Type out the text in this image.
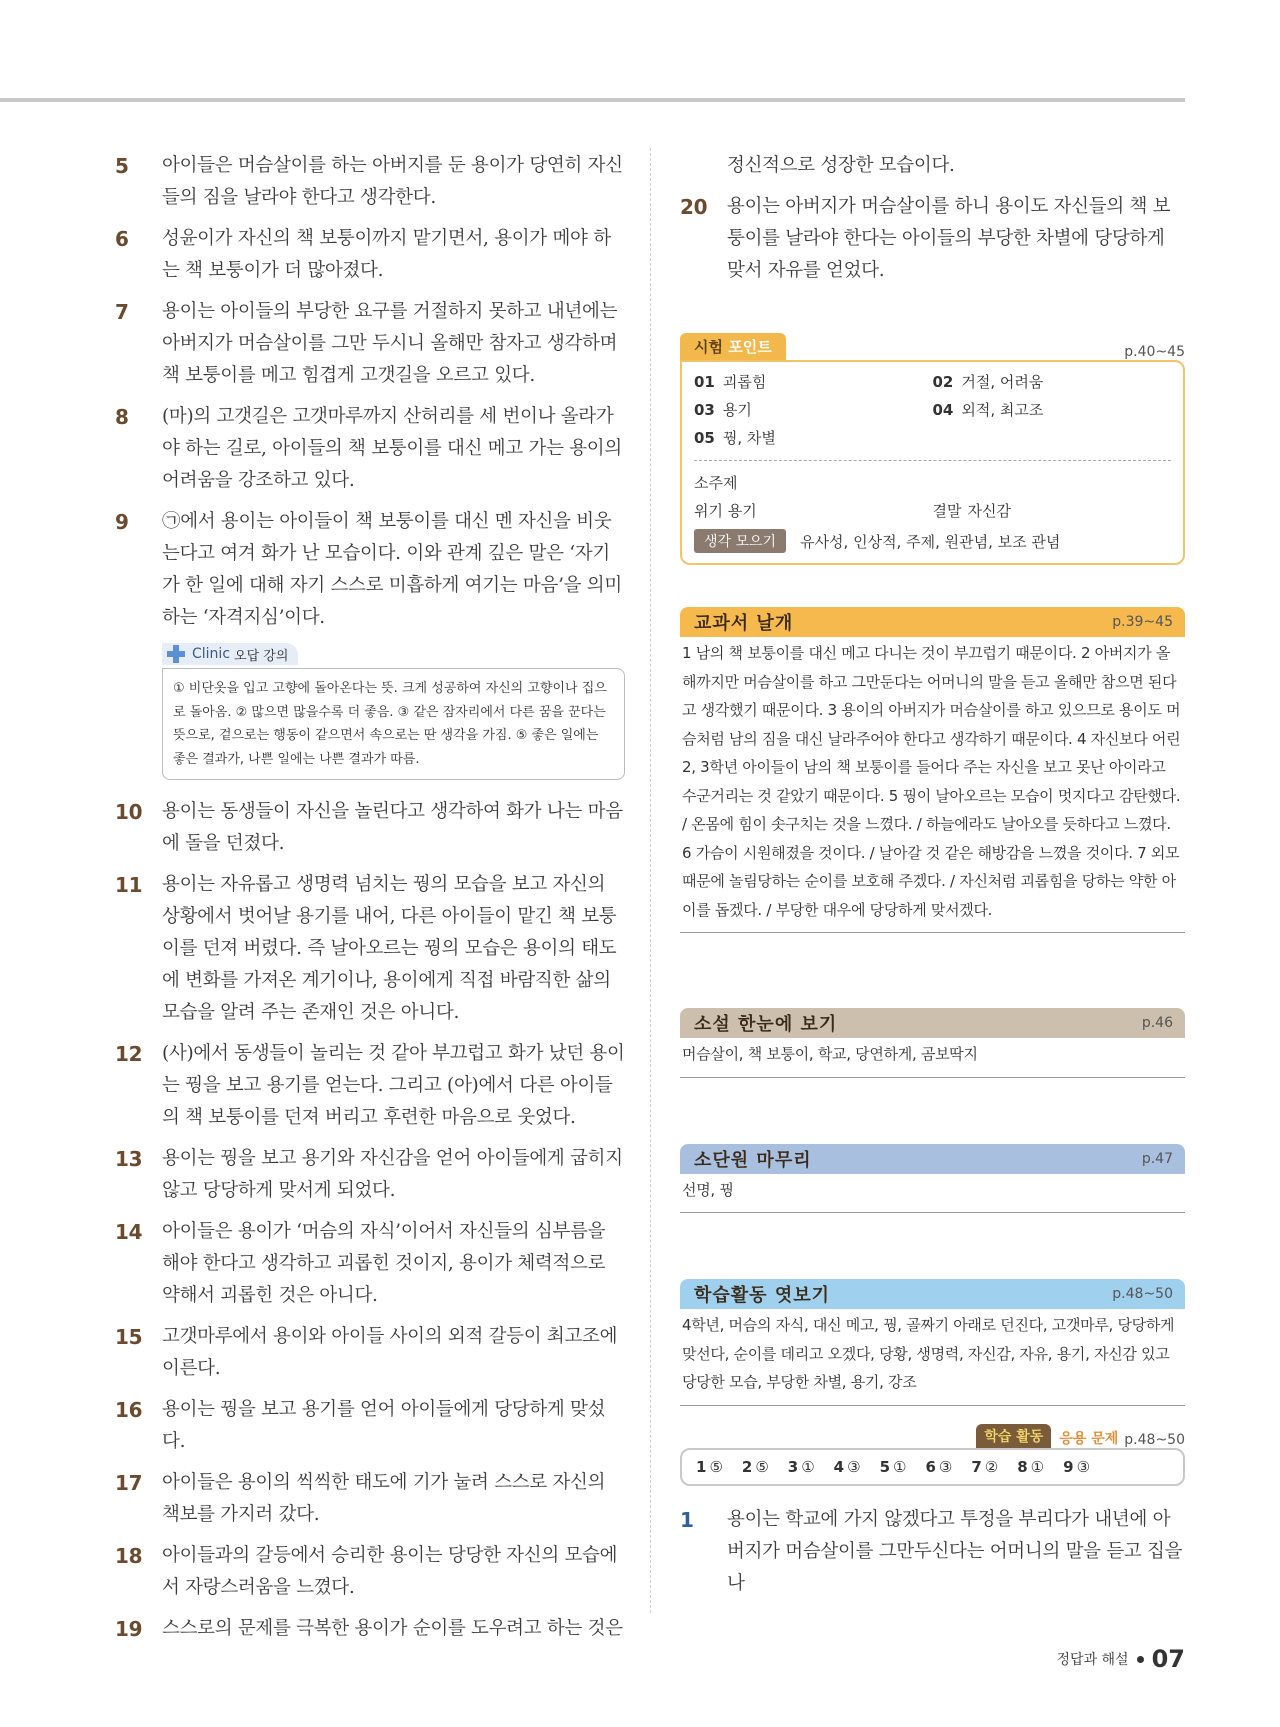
5 아이들은 머슴살이를 하는 아버지를 둔 용이가 당연히 자신들의 짐을 날라야 한다고 생각한다.
6 성윤이가 자신의 책 보퉁이까지 맡기면서, 용이가 메야 하는 책 보퉁이가 더 많아졌다.
7 용이는 아이들의 부당한 요구를 거절하지 못하고 내년에는 아버지가 머슴살이를 그만 두시니 올해만 참자고 생각하며 책 보퉁이를 메고 힘겹게 고갯길을 오르고 있다.
8 (마)의 고갯길은 고갯마루까지 산허리를 세 번이나 올라가야 하는 길로, 아이들의 책 보퉁이를 대신 메고 가는 용이의 어려움을 강조하고 있다.
9 ㉠에서 용이는 아이들이 책 보퉁이를 대신 멘 자신을 비웃는다고 여겨 화가 난 모습이다. 이와 관계 깊은 말은 ‘자기가 한 일에 대해 자기 스스로 미흡하게 여기는 마음’을 의미하는 ‘자격지심’이다.
Clinic 오답 강의
① 비단옷을 입고 고향에 돌아온다는 뜻. 크게 성공하여 자신의 고향이나 집으로 돌아옴. ② 많으면 많을수록 더 좋음. ③ 같은 잠자리에서 다른 꿈을 꾼다는 뜻으로, 겉으로는 행동이 같으면서 속으로는 딴 생각을 가짐. ⑤ 좋은 일에는 좋은 결과가, 나쁜 일에는 나쁜 결과가 따름.
10 용이는 동생들이 자신을 놀린다고 생각하여 화가 나는 마음에 돌을 던졌다.
11 용이는 자유롭고 생명력 넘치는 꿩의 모습을 보고 자신의 상황에서 벗어날 용기를 내어, 다른 아이들이 맡긴 책 보퉁이를 던져 버렸다. 즉 날아오르는 꿩의 모습은 용이의 태도에 변화를 가져온 계기이나, 용이에게 직접 바람직한 삶의 모습을 알려 주는 존재인 것은 아니다.
12 (사)에서 동생들이 놀리는 것 같아 부끄럽고 화가 났던 용이는 꿩을 보고 용기를 얻는다. 그리고 (아)에서 다른 아이들의 책 보퉁이를 던져 버리고 후련한 마음으로 웃었다.
13 용이는 꿩을 보고 용기와 자신감을 얻어 아이들에게 굽히지 않고 당당하게 맞서게 되었다.
14 아이들은 용이가 ‘머슴의 자식’이어서 자신들의 심부름을 해야 한다고 생각하고 괴롭힌 것이지, 용이가 체력적으로 약해서 괴롭힌 것은 아니다.
15 고갯마루에서 용이와 아이들 사이의 외적 갈등이 최고조에 이른다.
16 용이는 꿩을 보고 용기를 얻어 아이들에게 당당하게 맞섰다.
17 아이들은 용이의 씩씩한 태도에 기가 눌려 스스로 자신의 책보를 가지러 갔다.
18 아이들과의 갈등에서 승리한 용이는 당당한 자신의 모습에서 자랑스러움을 느꼈다.
19 스스로의 문제를 극복한 용이가 순이를 도우려고 하는 것은
정신적으로 성장한 모습이다.
20 용이는 아버지가 머슴살이를 하니 용이도 자신들의 책 보퉁이를 날라야 한다는 아이들의 부당한 차별에 당당하게 맞서 자유를 얻었다.
시험 포인트	p.40~45
01 괴롭힘	02 거절, 어려움
03 용기	04 외적, 최고조
05 꿩, 차별
소주제
위기 용기	결말 자신감
생각 모으기	유사성, 인상적, 주제, 원관념, 보조 관념
교과서 날개	p.39~45
1 남의 책 보퉁이를 대신 메고 다니는 것이 부끄럽기 때문이다. 2 아버지가 올해까지만 머슴살이를 하고 그만둔다는 어머니의 말을 듣고 올해만 참으면 된다고 생각했기 때문이다. 3 용이의 아버지가 머슴살이를 하고 있으므로 용이도 머슴처럼 남의 짐을 대신 날라주어야 한다고 생각하기 때문이다. 4 자신보다 어린 2, 3학년 아이들이 남의 책 보퉁이를 들어다 주는 자신을 보고 못난 아이라고 수군거리는 것 같았기 때문이다. 5 꿩이 날아오르는 모습이 멋지다고 감탄했다. / 온몸에 힘이 솟구치는 것을 느꼈다. / 하늘에라도 날아오를 듯하다고 느꼈다. 6 가슴이 시원해졌을 것이다. / 날아갈 것 같은 해방감을 느꼈을 것이다. 7 외모 때문에 놀림당하는 순이를 보호해 주겠다. / 자신처럼 괴롭힘을 당하는 약한 아이를 돕겠다. / 부당한 대우에 당당하게 맞서겠다.
소설 한눈에 보기	p.46
머슴살이, 책 보퉁이, 학교, 당연하게, 곰보딱지
소단원 마무리	p.47
선명, 꿩
학습활동 엿보기	p.48~50
4학년, 머슴의 자식, 대신 메고, 꿩, 골짜기 아래로 던진다, 고갯마루, 당당하게 맞선다, 순이를 데리고 오겠다, 당황, 생명력, 자신감, 자유, 용기, 자신감 있고 당당한 모습, 부당한 차별, 용기, 강조
학습 활동	응용 문제 p.48~50
1 ⑤ 2 ⑤ 3 ① 4 ③ 5 ① 6 ③ 7 ② 8 ① 9 ③
1 용이는 학교에 가지 않겠다고 투정을 부리다가 내년에 아버지가 머슴살이를 그만두신다는 어머니의 말을 듣고 집을 나
정답과 해설 07
